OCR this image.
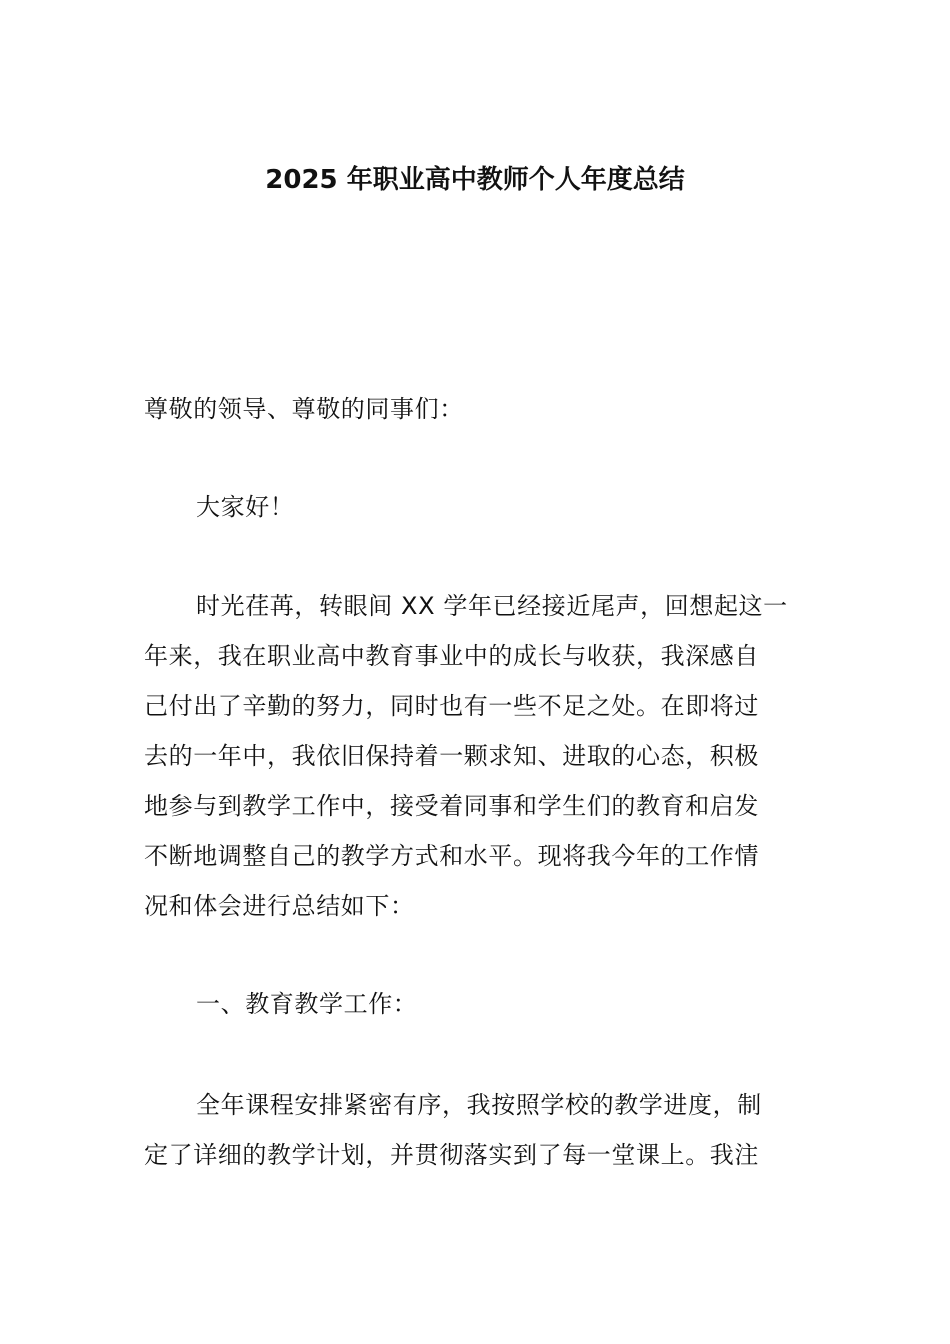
2025 年职业高中教师个人年度总结
尊敬的领导、尊敬的同事们：
大家好！
时光荏苒，转眼间 XX 学年已经接近尾声，回想起这一
年来，我在职业高中教育事业中的成长与收获，我深感自
己付出了辛勤的努力，同时也有一些不足之处。在即将过
去的一年中，我依旧保持着一颗求知、进取的心态，积极
地参与到教学工作中，接受着同事和学生们的教育和启发
不断地调整自己的教学方式和水平。现将我今年的工作情
况和体会进行总结如下：
一、教育教学工作：
全年课程安排紧密有序，我按照学校的教学进度，制
定了详细的教学计划，并贯彻落实到了每一堂课上。我注
